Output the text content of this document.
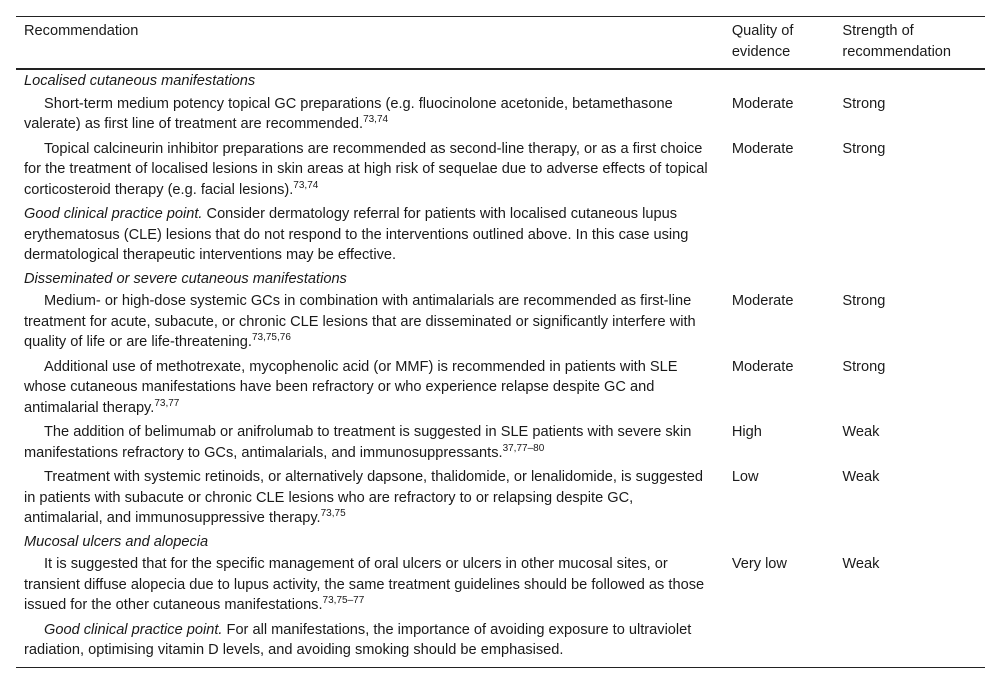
Recommendation	Quality of evidence	Strength of recommendation
Localised cutaneous manifestations		
Short-term medium potency topical GC preparations (e.g. fluocinolone acetonide, betamethasone valerate) as first line of treatment are recommended.$^{73,74}$	Moderate	Strong
Topical calcineurin inhibitor preparations are recommended as second-line therapy, or as a first choice for the treatment of localised lesions in skin areas at high risk of sequelae due to adverse effects of topical corticosteroid therapy (e.g. facial lesions).$^{73,74}$	Moderate	Strong
Good clinical practice point. Consider dermatology referral for patients with localised cutaneous lupus erythematosus (CLE) lesions that do not respond to the interventions outlined above. In this case using dermatological therapeutic interventions may be effective.		
Disseminated or severe cutaneous manifestations		
Medium- or high-dose systemic GCs in combination with antimalarials are recommended as first-line treatment for acute, subacute, or chronic CLE lesions that are disseminated or significantly interfere with quality of life or are life-threatening.$^{73,75,76}$	Moderate	Strong
Additional use of methotrexate, mycophenolic acid (or MMF) is recommended in patients with SLE whose cutaneous manifestations have been refractory or who experience relapse despite GC and antimalarial therapy.$^{73,77}$	Moderate	Strong
The addition of belimumab or anifrolumab to treatment is suggested in SLE patients with severe skin manifestations refractory to GCs, antimalarials, and immunosuppressants.$^{37,77-80}$	High	Weak
Treatment with systemic retinoids, or alternatively dapsone, thalidomide, or lenalidomide, is suggested in patients with subacute or chronic CLE lesions who are refractory to or relapsing despite GC, antimalarial, and immunosuppressive therapy.$^{73,75}$	Low	Weak
Mucosal ulcers and alopecia		
It is suggested that for the specific management of oral ulcers or ulcers in other mucosal sites, or transient diffuse alopecia due to lupus activity, the same treatment guidelines should be followed as those issued for the other cutaneous manifestations.$^{73,75-77}$	Very low	Weak
Good clinical practice point. For all manifestations, the importance of avoiding exposure to ultraviolet radiation, optimising vitamin D levels, and avoiding smoking should be emphasised.		
